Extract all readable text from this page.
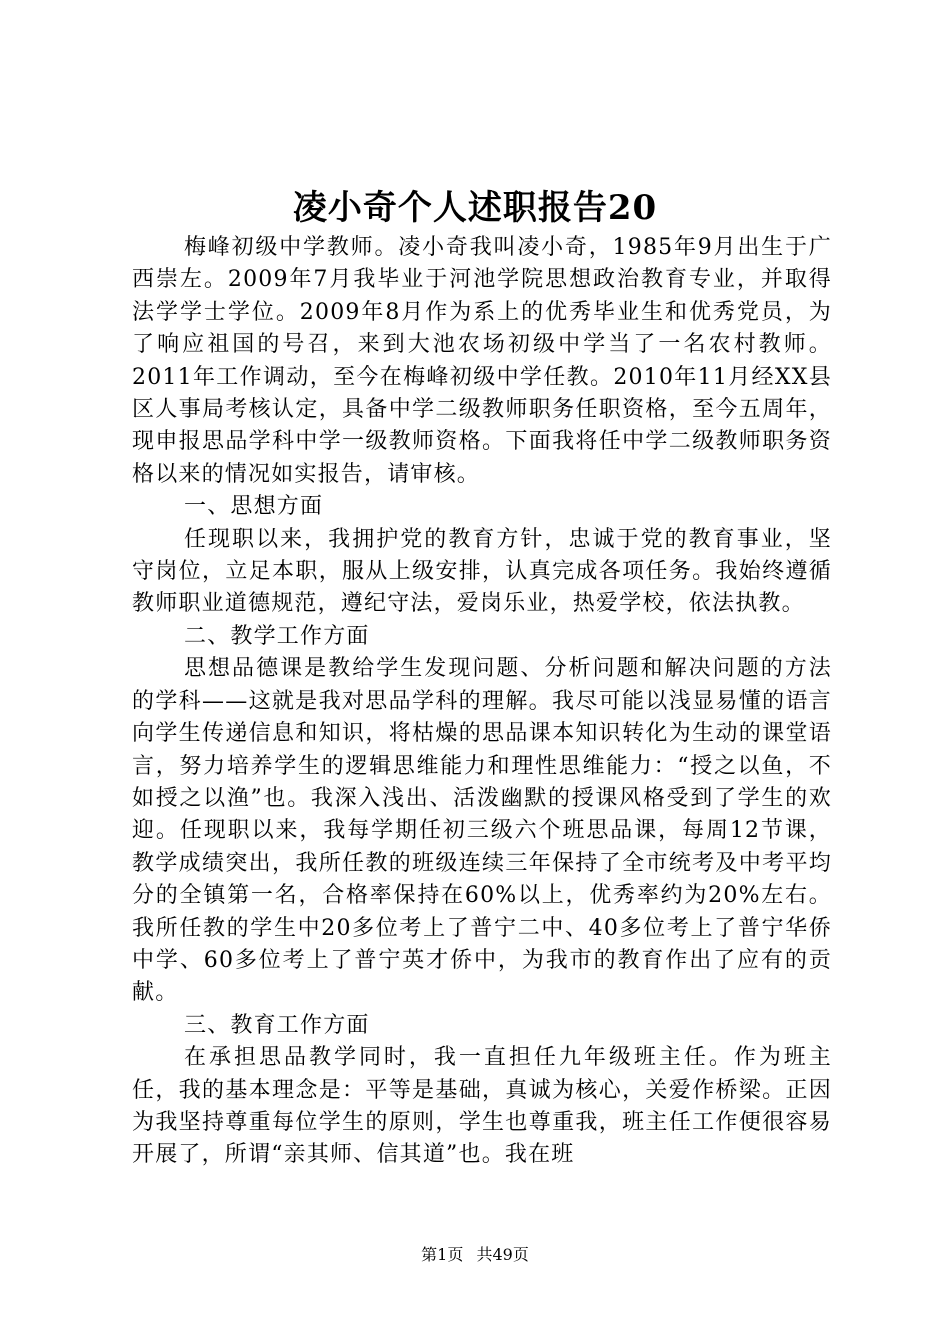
凌小奇个人述职报告20

梅峰初级中学教师。凌小奇我叫凌小奇，1985年9月出生于广西崇左。2009年7月我毕业于河池学院思想政治教育专业，并取得法学学士学位。2009年8月作为系上的优秀毕业生和优秀党员，为了响应祖国的号召，来到大池农场初级中学当了一名农村教师。2011年工作调动，至今在梅峰初级中学任教。2010年11月经XX县区人事局考核认定，具备中学二级教师职务任职资格，至今五周年，现申报思品学科中学一级教师资格。下面我将任中学二级教师职务资格以来的情况如实报告，请审核。

一、思想方面

任现职以来，我拥护党的教育方针，忠诚于党的教育事业，坚守岗位，立足本职，服从上级安排，认真完成各项任务。我始终遵循教师职业道德规范，遵纪守法，爱岗乐业，热爱学校，依法执教。

二、教学工作方面

思想品德课是教给学生发现问题、分析问题和解决问题的方法的学科——这就是我对思品学科的理解。我尽可能以浅显易懂的语言向学生传递信息和知识，将枯燥的思品课本知识转化为生动的课堂语言，努力培养学生的逻辑思维能力和理性思维能力：“授之以鱼，不如授之以渔”也。我深入浅出、活泼幽默的授课风格受到了学生的欢迎。任现职以来，我每学期任初三级六个班思品课，每周12节课，教学成绩突出，我所任教的班级连续三年保持了全市统考及中考平均分的全镇第一名，合格率保持在60%以上，优秀率约为20%左右。我所任教的学生中20多位考上了普宁二中、40多位考上了普宁华侨中学、60多位考上了普宁英才侨中，为我市的教育作出了应有的贡献。

三、教育工作方面

在承担思品教学同时，我一直担任九年级班主任。作为班主任，我的基本理念是：平等是基础，真诚为核心，关爱作桥梁。正因为我坚持尊重每位学生的原则，学生也尊重我，班主任工作便很容易开展了，所谓“亲其师、信其道”也。我在班

第1页 共49页
